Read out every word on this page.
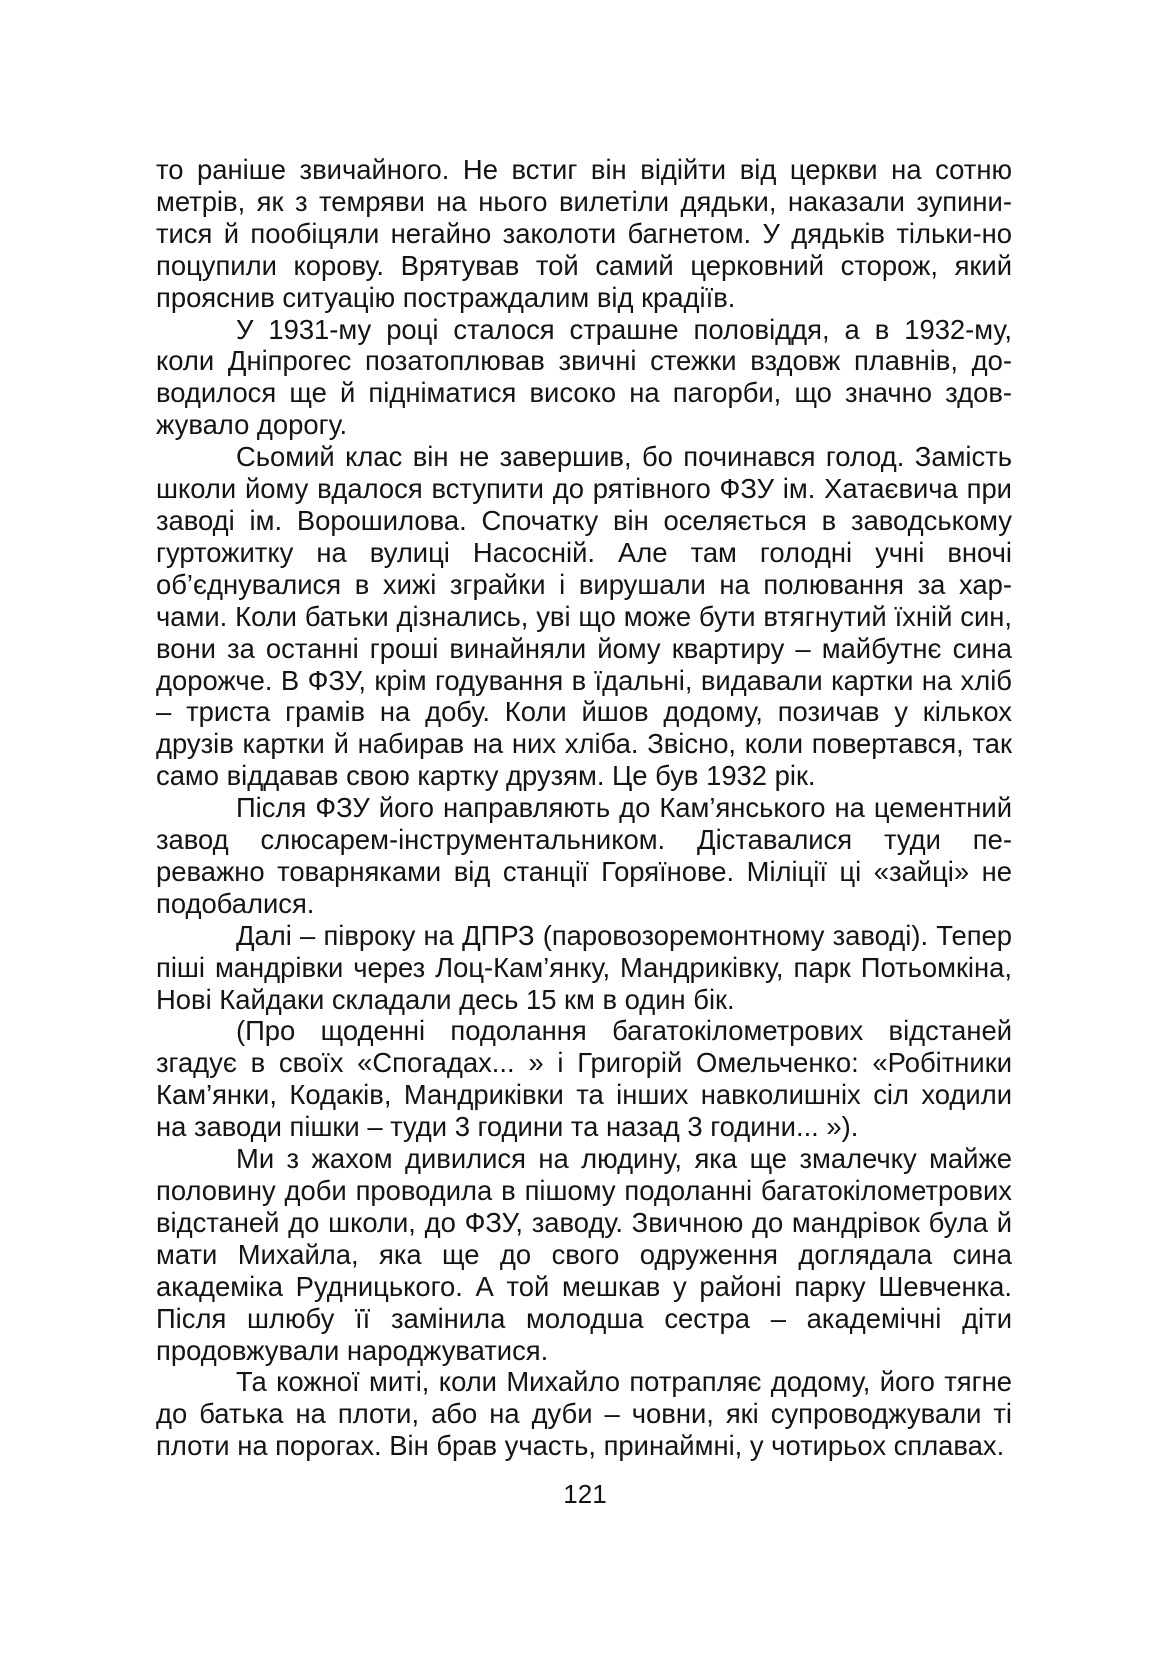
то раніше звичайного. Не встиг він відійти від церкви на сотню метрів, як з темряви на нього вилетіли дядьки, наказали зупинитися й пообіцяли негайно заколоти багнетом. У дядьків тільки-но поцупили корову. Врятував той самий церковний сторож, який прояснив ситуацію постраждалим від крадіїв.

У 1931-му році сталося страшне половіддя, а в 1932-му, коли Дніпрогес позатоплював звичні стежки вздовж плавнів, доводилося ще й підніматися високо на пагорби, що значно здовжувало дорогу.

Сьомий клас він не завершив, бо починався голод. Замість школи йому вдалося вступити до рятівного ФЗУ ім. Хатаєвича при заводі ім. Ворошилова. Спочатку він оселяється в заводському гуртожитку на вулиці Насосній. Але там голодні учні вночі об’єднувалися в хижі зграйки і вирушали на полювання за харчами. Коли батьки дізнались, уві що може бути втягнутий їхній син, вони за останні гроші винайняли йому квартиру – майбутнє сина дорожче. В ФЗУ, крім годування в їдальні, видавали картки на хліб – триста грамів на добу. Коли йшов додому, позичав у кількох друзів картки й набирав на них хліба. Звісно, коли повертався, так само віддавав свою картку друзям. Це був 1932 рік.

Після ФЗУ його направляють до Кам’янського на цементний завод слюсарем-інструментальником. Діставалися туди переважно товарняками від станції Горяїнове. Міліції ці «зайці» не подобалися.

Далі – півроку на ДПРЗ (паровозоремонтному заводі). Тепер піші мандрівки через Лоц-Кам’янку, Мандриківку, парк Потьомкіна, Нові Кайдаки складали десь 15 км в один бік.

(Про щоденні подолання багатокілометрових відстаней згадує в своїх «Спогадах... » і Григорій Омельченко: «Робітники Кам’янки, Кодаків, Мандриківки та інших навколишніх сіл ходили на заводи пішки – туди 3 години та назад 3 години... »).

Ми з жахом дивилися на людину, яка ще змалечку майже половину доби проводила в пішому подоланні багатокілометрових відстаней до школи, до ФЗУ, заводу. Звичною до мандрівок була й мати Михайла, яка ще до свого одруження доглядала сина академіка Рудницького. А той мешкав у районі парку Шевченка. Після шлюбу її замінила молодша сестра – академічні діти продовжували народжуватися.

Та кожної миті, коли Михайло потрапляє додому, його тягне до батька на плоти, або на дуби – човни, які супроводжували ті плоти на порогах. Він брав участь, принаймні, у чотирьох сплавах.

121
